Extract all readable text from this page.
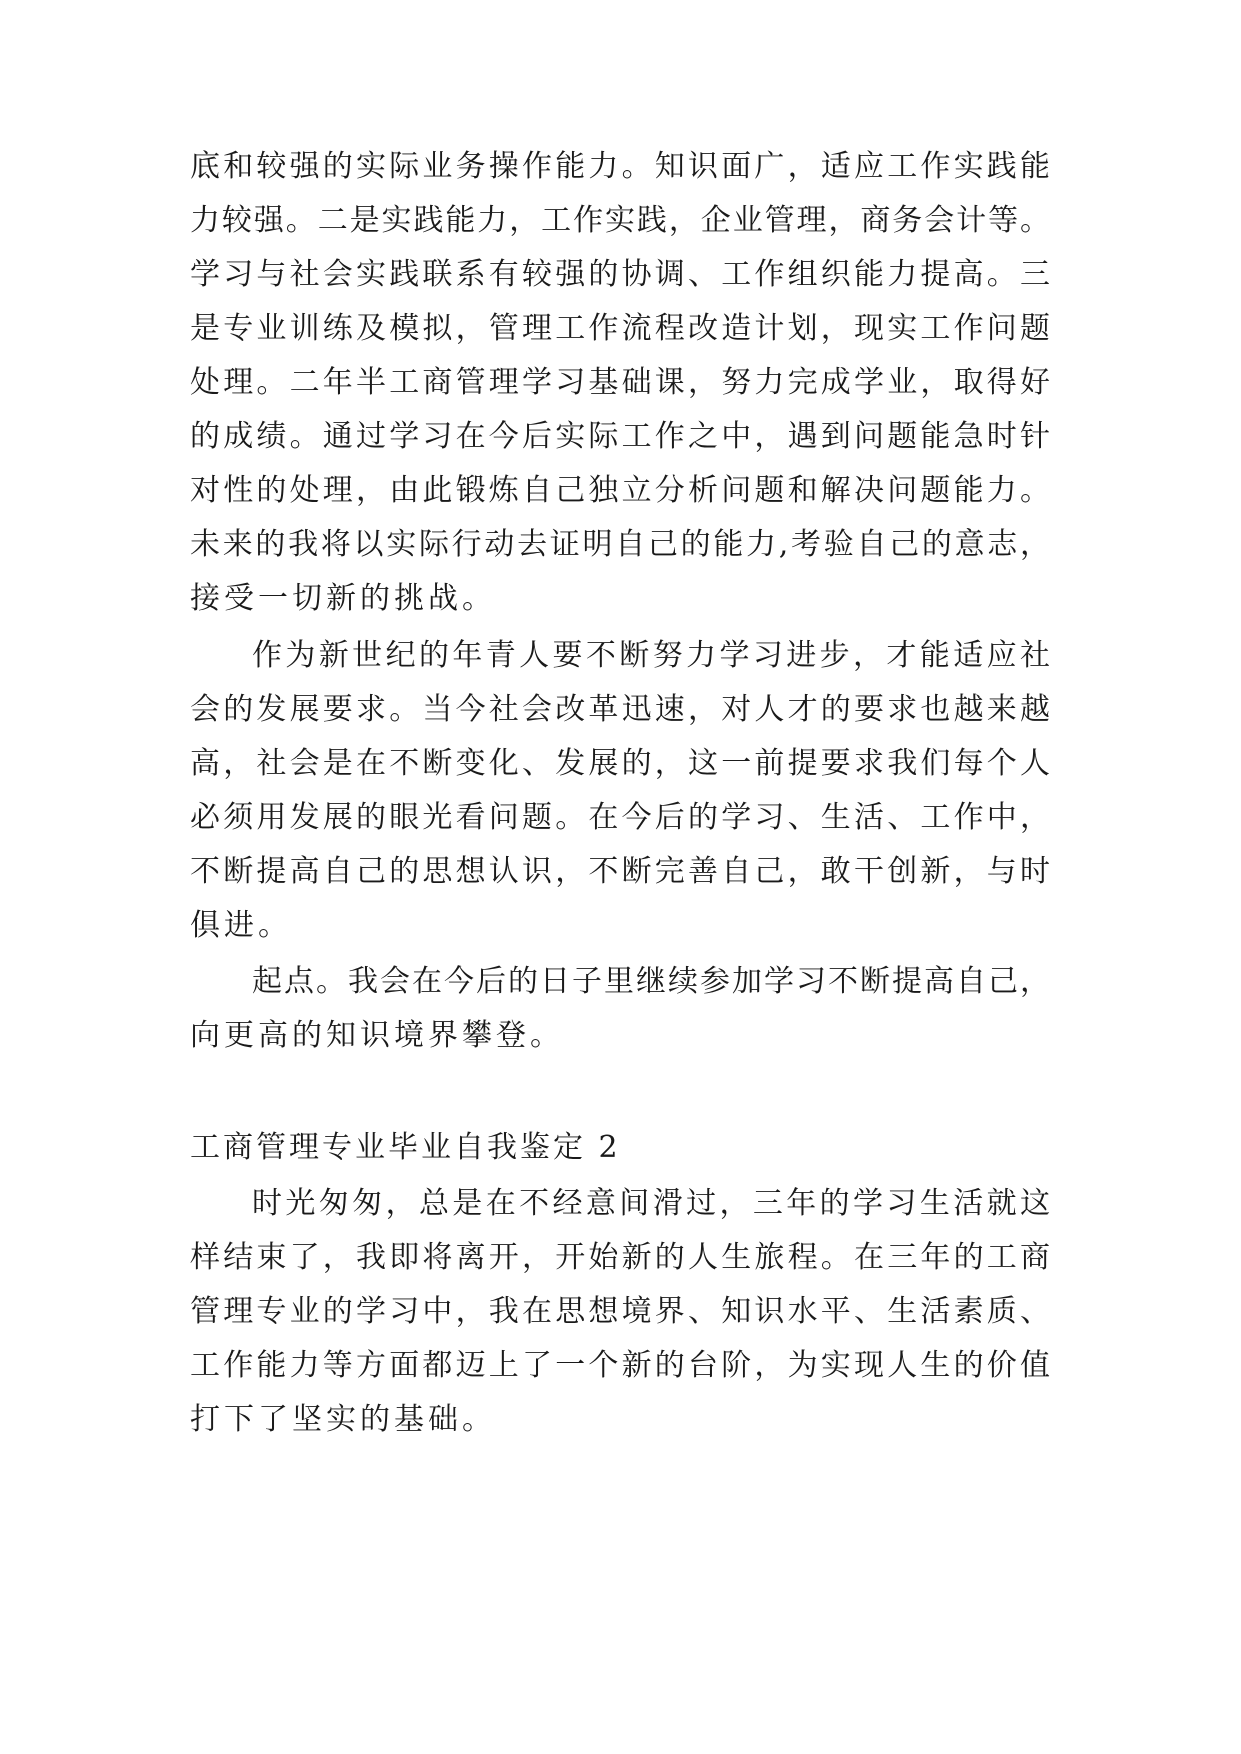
底和较强的实际业务操作能力。知识面广，适应工作实践能
力较强。二是实践能力，工作实践，企业管理，商务会计等。
学习与社会实践联系有较强的协调、工作组织能力提高。三
是专业训练及模拟，管理工作流程改造计划，现实工作问题
处理。二年半工商管理学习基础课，努力完成学业，取得好
的成绩。通过学习在今后实际工作之中，遇到问题能急时针
对性的处理，由此锻炼自己独立分析问题和解决问题能力。
未来的我将以实际行动去证明自己的能力,考验自己的意志，
接受一切新的挑战。
作为新世纪的年青人要不断努力学习进步，才能适应社
会的发展要求。当今社会改革迅速，对人才的要求也越来越
高，社会是在不断变化、发展的，这一前提要求我们每个人
必须用发展的眼光看问题。在今后的学习、生活、工作中，
不断提高自己的思想认识，不断完善自己，敢干创新，与时
俱进。
起点。我会在今后的日子里继续参加学习不断提高自己，
向更高的知识境界攀登。
工商管理专业毕业自我鉴定 2
时光匆匆，总是在不经意间滑过，三年的学习生活就这
样结束了，我即将离开，开始新的人生旅程。在三年的工商
管理专业的学习中，我在思想境界、知识水平、生活素质、
工作能力等方面都迈上了一个新的台阶，为实现人生的价值
打下了坚实的基础。
